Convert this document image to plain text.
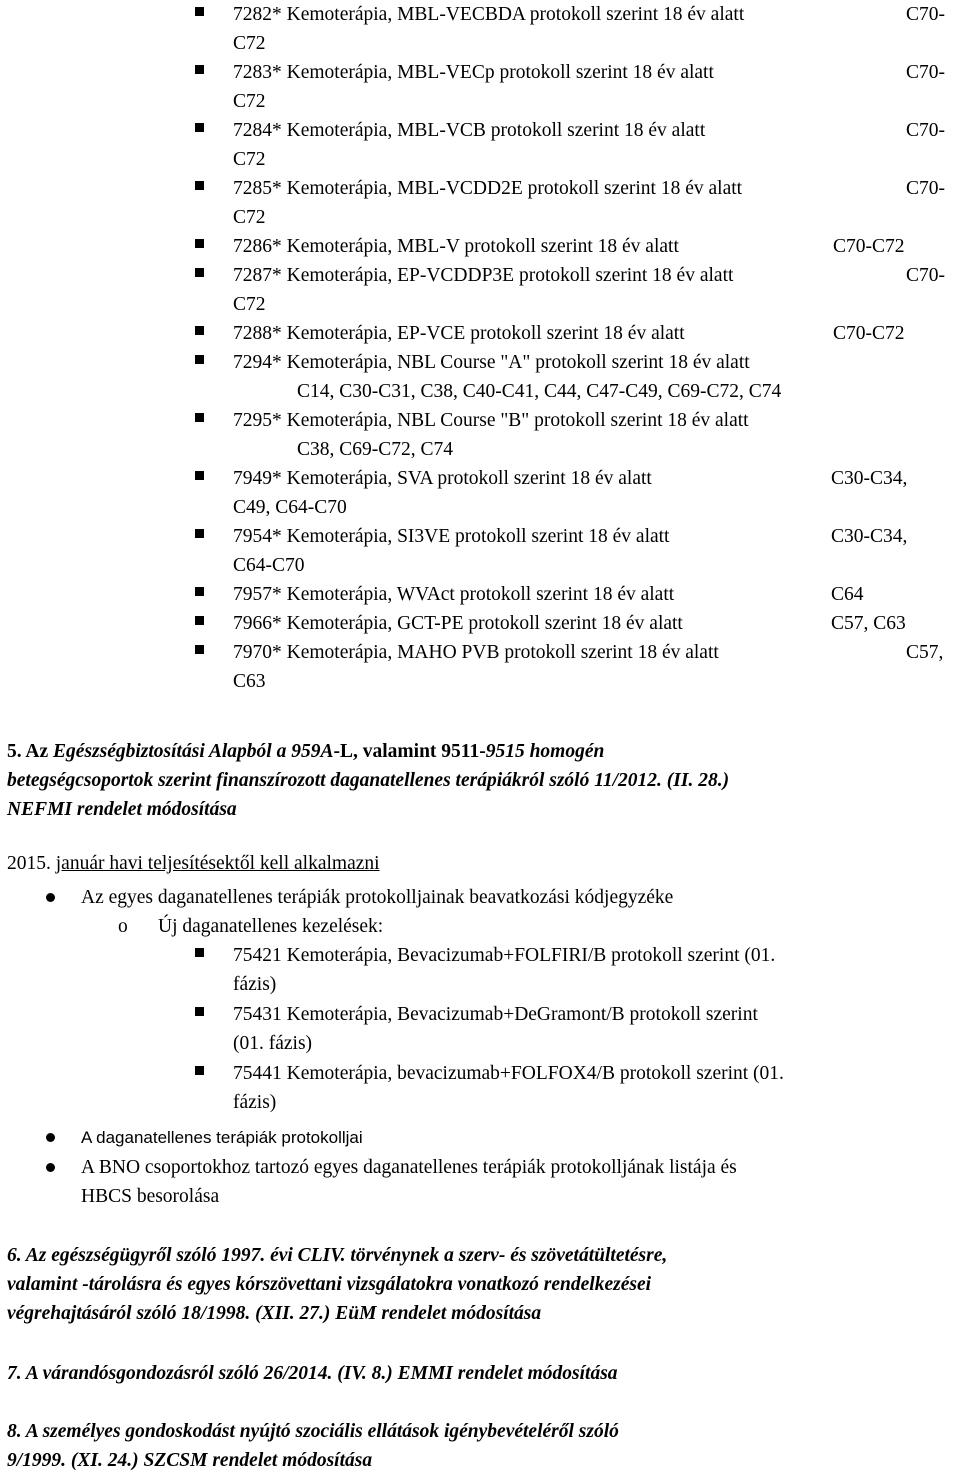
7282* Kemoterápia, MBL-VECBDA protokoll szerint 18 év alatt	C70-
C72
7283* Kemoterápia, MBL-VECp protokoll szerint 18 év alatt	C70-
C72
7284* Kemoterápia, MBL-VCB protokoll szerint 18 év alatt	C70-
C72
7285* Kemoterápia, MBL-VCDD2E protokoll szerint 18 év alatt	C70-
C72
7286* Kemoterápia, MBL-V protokoll szerint 18 év alatt	C70-C72
7287* Kemoterápia, EP-VCDDP3E protokoll szerint 18 év alatt	C70-
C72
7288* Kemoterápia, EP-VCE protokoll szerint 18 év alatt	C70-C72
7294* Kemoterápia, NBL Course "A" protokoll szerint 18 év alatt
C14, C30-C31, C38, C40-C41, C44, C47-C49, C69-C72, C74
7295* Kemoterápia, NBL Course "B" protokoll szerint 18 év alatt
C38, C69-C72, C74
7949* Kemoterápia, SVA protokoll szerint 18 év alatt	C30-C34,
C49, C64-C70
7954* Kemoterápia, SI3VE protokoll szerint 18 év alatt	C30-C34,
C64-C70
7957* Kemoterápia, WVAct protokoll szerint 18 év alatt	C64
7966* Kemoterápia, GCT-PE protokoll szerint 18 év alatt	C57, C63
7970* Kemoterápia, MAHO PVB protokoll szerint 18 év alatt	C57,
C63
5. Az Egészségbiztosítási Alapból a 959A-L, valamint 9511-9515 homogén
betegségcsoportok szerint finanszírozott daganatellenes terápiákról szóló 11/2012. (II. 28.)
NEFMI rendelet módosítása
2015. január havi teljesítésektől kell alkalmazni
Az egyes daganatellenes terápiák protokolljainak beavatkozási kódjegyzéke
o Új daganatellenes kezelések:
75421 Kemoterápia, Bevacizumab+FOLFIRI/B protokoll szerint (01.
fázis)
75431 Kemoterápia, Bevacizumab+DeGramont/B protokoll szerint
(01. fázis)
75441 Kemoterápia, bevacizumab+FOLFOX4/B protokoll szerint (01.
fázis)
A daganatellenes terápiák protokolljai
A BNO csoportokhoz tartozó egyes daganatellenes terápiák protokolljának listája és
HBCS besorolása
6. Az egészségügyről szóló 1997. évi CLIV. törvénynek a szerv- és szövetátültetésre,
valamint -tárolásra és egyes kórszövettani vizsgálatokra vonatkozó rendelkezései
végrehajtásáról szóló 18/1998. (XII. 27.) EüM rendelet módosítása
7. A várandósgondozásról szóló 26/2014. (IV. 8.) EMMI rendelet módosítása
8. A személyes gondoskodást nyújtó szociális ellátások igénybevételéről szóló
9/1999. (XI. 24.) SZCSM rendelet módosítása
